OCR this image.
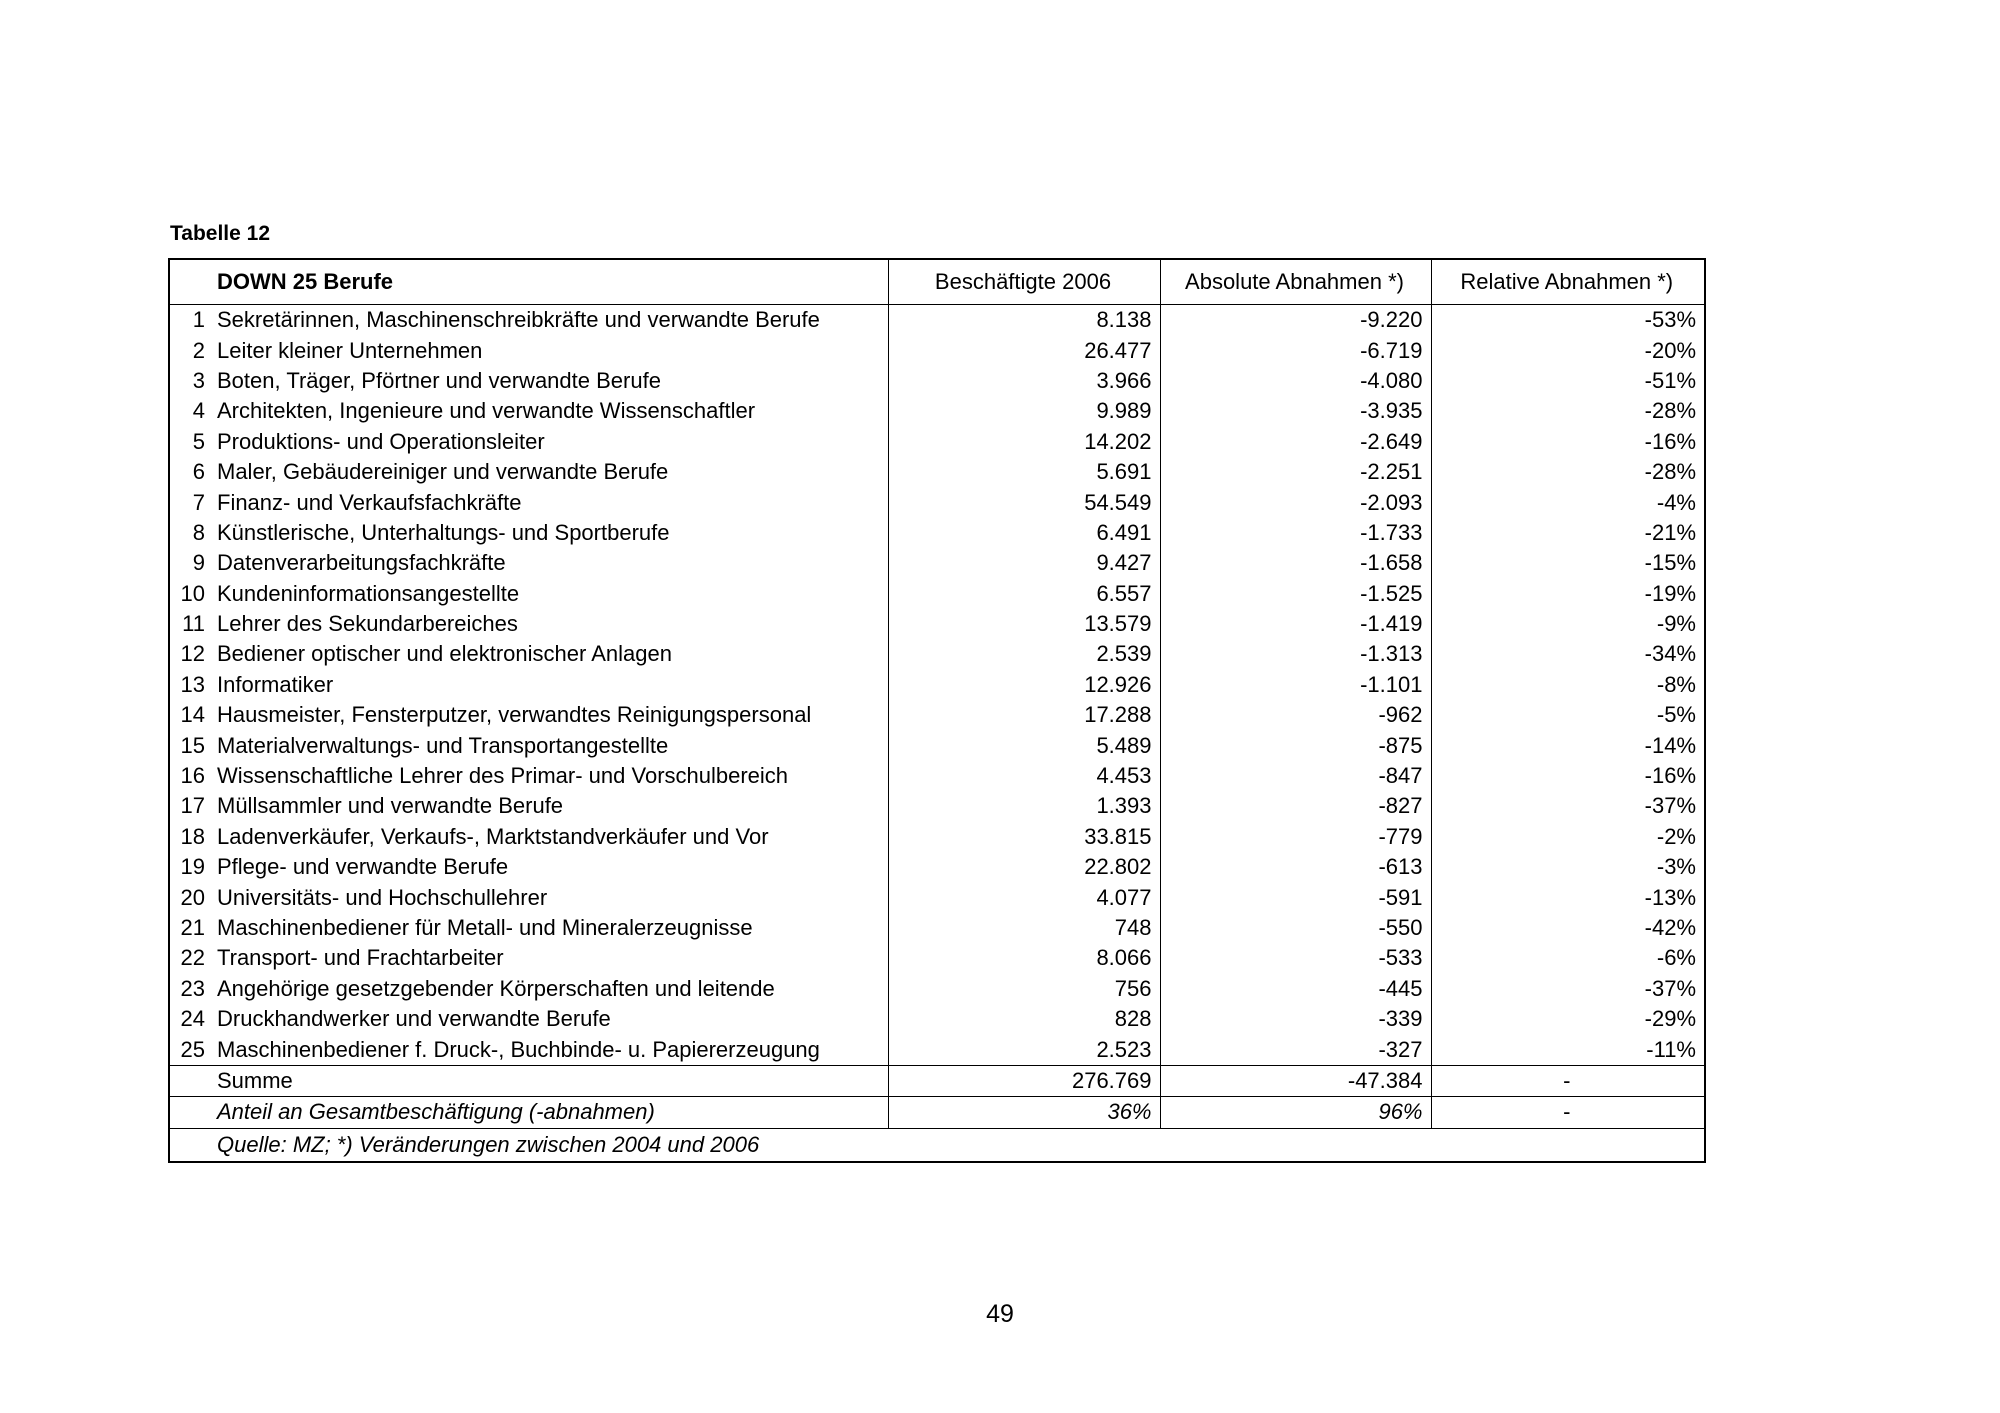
Tabelle 12
	DOWN 25 Berufe	Beschäftigte 2006	Absolute Abnahmen *)	Relative Abnahmen *)
1	Sekretärinnen, Maschinenschreibkräfte und verwandte Berufe	8.138	-9.220	-53%
2	Leiter kleiner Unternehmen	26.477	-6.719	-20%
3	Boten, Träger, Pförtner und verwandte Berufe	3.966	-4.080	-51%
4	Architekten, Ingenieure und verwandte Wissenschaftler	9.989	-3.935	-28%
5	Produktions- und Operationsleiter	14.202	-2.649	-16%
6	Maler, Gebäudereiniger und verwandte Berufe	5.691	-2.251	-28%
7	Finanz- und Verkaufsfachkräfte	54.549	-2.093	-4%
8	Künstlerische, Unterhaltungs- und Sportberufe	6.491	-1.733	-21%
9	Datenverarbeitungsfachkräfte	9.427	-1.658	-15%
10	Kundeninformationsangestellte	6.557	-1.525	-19%
11	Lehrer des Sekundarbereiches	13.579	-1.419	-9%
12	Bediener optischer und elektronischer Anlagen	2.539	-1.313	-34%
13	Informatiker	12.926	-1.101	-8%
14	Hausmeister, Fensterputzer, verwandtes Reinigungspersonal	17.288	-962	-5%
15	Materialverwaltungs- und Transportangestellte	5.489	-875	-14%
16	Wissenschaftliche Lehrer des Primar- und Vorschulbereich	4.453	-847	-16%
17	Müllsammler und verwandte Berufe	1.393	-827	-37%
18	Ladenverkäufer, Verkaufs-, Marktstandverkäufer und Vor	33.815	-779	-2%
19	Pflege- und verwandte Berufe	22.802	-613	-3%
20	Universitäts- und Hochschullehrer	4.077	-591	-13%
21	Maschinenbediener für Metall- und Mineralerzeugnisse	748	-550	-42%
22	Transport- und Frachtarbeiter	8.066	-533	-6%
23	Angehörige gesetzgebender Körperschaften und leitende	756	-445	-37%
24	Druckhandwerker und verwandte Berufe	828	-339	-29%
25	Maschinenbediener f. Druck-, Buchbinde- u. Papiererzeugung	2.523	-327	-11%
	Summe	276.769	-47.384	-
	Anteil an Gesamtbeschäftigung (-abnahmen)	36%	96%	-
	Quelle: MZ; *) Veränderungen zwischen 2004 und 2006			
49
